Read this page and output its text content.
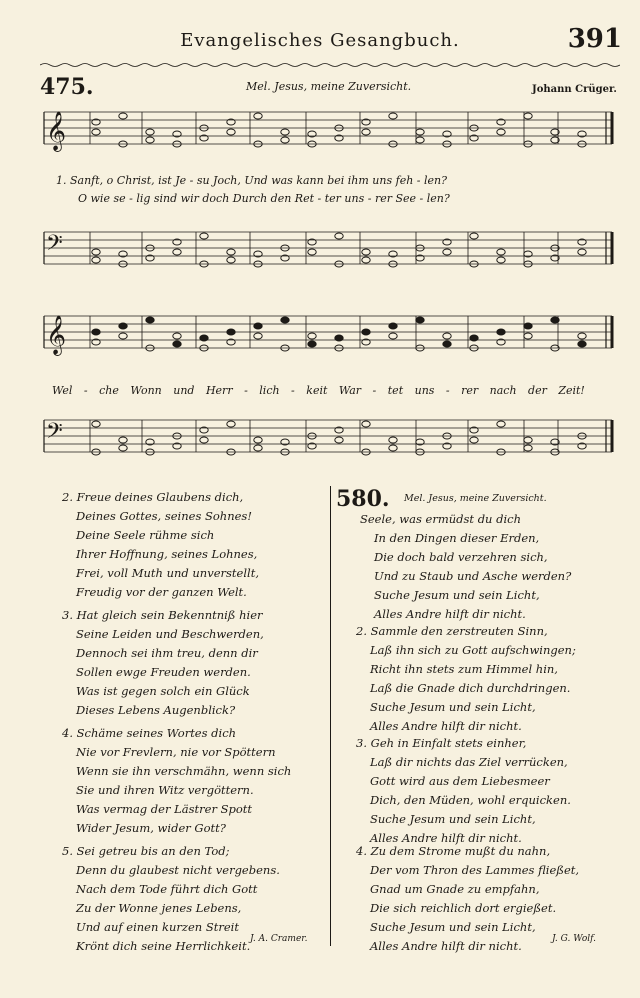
Evangelisches Gesangbuch.	391
475.	Mel. Jesus, meine Zuversicht.	Johann Crüger.
𝄞
𝄢
𝄞
𝄢
1. Sanft, o Christ, ist Je - su Joch, Und was kann bei ihm uns feh - len?
O wie se - lig sind wir doch Durch den Ret - ter uns - rer See - len?
Wel - che Wonn und Herr - lich - keit War - tet uns - rer nach der Zeit!
2. Freue deines Glaubens dich,
Deines Gottes, seines Sohnes!
Deine Seele rühme sich
Ihrer Hoffnung, seines Lohnes,
Frei, voll Muth und unverstellt,
Freudig vor der ganzen Welt.
3. Hat gleich sein Bekenntniß hier
Seine Leiden und Beschwerden,
Dennoch sei ihm treu, denn dir
Sollen ewge Freuden werden.
Was ist gegen solch ein Glück
Dieses Lebens Augenblick?
4. Schäme seines Wortes dich
Nie vor Frevlern, nie vor Spöttern
Wenn sie ihn verschmähn, wenn sich
Sie und ihren Witz vergöttern.
Was vermag der Lästrer Spott
Wider Jesum, wider Gott?
5. Sei getreu bis an den Tod;
Denn du glaubest nicht vergebens.
Nach dem Tode führt dich Gott
Zu der Wonne jenes Lebens,
Und auf einen kurzen Streit
Krönt dich seine Herrlichkeit. J. A. Cramer.
580. Mel. Jesus, meine Zuversicht.
Seele, was ermüdst du dich
In den Dingen dieser Erden,
Die doch bald verzehren sich,
Und zu Staub und Asche werden?
Suche Jesum und sein Licht,
Alles Andre hilft dir nicht.
2. Sammle den zerstreuten Sinn,
Laß ihn sich zu Gott aufschwingen;
Richt ihn stets zum Himmel hin,
Laß die Gnade dich durchdringen.
Suche Jesum und sein Licht,
Alles Andre hilft dir nicht.
3. Geh in Einfalt stets einher,
Laß dir nichts das Ziel verrücken,
Gott wird aus dem Liebesmeer
Dich, den Müden, wohl erquicken.
Suche Jesum und sein Licht,
Alles Andre hilft dir nicht.
4. Zu dem Strome mußt du nahn,
Der vom Thron des Lammes fließet,
Gnad um Gnade zu empfahn,
Die sich reichlich dort ergießet.
Suche Jesum und sein Licht,
Alles Andre hilft dir nicht.	J. G. Wolf.
